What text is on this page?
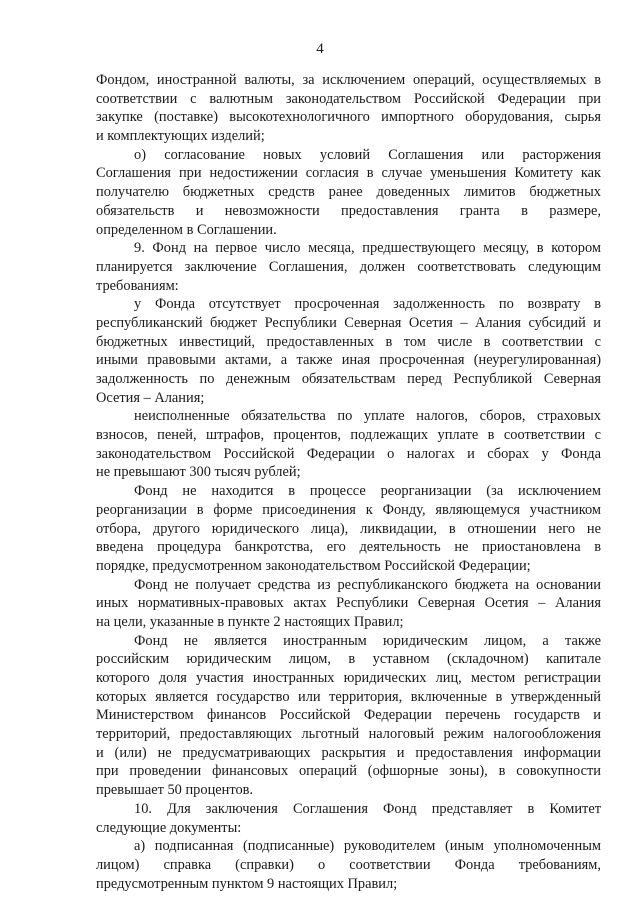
4
Фондом, иностранной валюты, за исключением операций, осуществляемых в
соответствии с валютным законодательством Российской Федерации при
закупке (поставке) высокотехнологичного импортного оборудования, сырья
и комплектующих изделий;
о) согласование новых условий Соглашения или расторжения
Соглашения при недостижении согласия в случае уменьшения Комитету как
получателю бюджетных средств ранее доведенных лимитов бюджетных
обязательств и невозможности предоставления гранта в размере,
определенном в Соглашении.
9. Фонд на первое число месяца, предшествующего месяцу, в котором
планируется заключение Соглашения, должен соответствовать следующим
требованиям:
у Фонда отсутствует просроченная задолженность по возврату в
республиканский бюджет Республики Северная Осетия – Алания субсидий и
бюджетных инвестиций, предоставленных в том числе в соответствии с
иными правовыми актами, а также иная просроченная (неурегулированная)
задолженность по денежным обязательствам перед Республикой Северная
Осетия – Алания;
неисполненные обязательства по уплате налогов, сборов, страховых
взносов, пеней, штрафов, процентов, подлежащих уплате в соответствии с
законодательством Российской Федерации о налогах и сборах у Фонда
не превышают 300 тысяч рублей;
Фонд не находится в процессе реорганизации (за исключением
реорганизации в форме присоединения к Фонду, являющемуся участником
отбора, другого юридического лица), ликвидации, в отношении него не
введена процедура банкротства, его деятельность не приостановлена в
порядке, предусмотренном законодательством Российской Федерации;
Фонд не получает средства из республиканского бюджета на основании
иных нормативных-правовых актах Республики Северная Осетия – Алания
на цели, указанные в пункте 2 настоящих Правил;
Фонд не является иностранным юридическим лицом, а также
российским юридическим лицом, в уставном (складочном) капитале
которого доля участия иностранных юридических лиц, местом регистрации
которых является государство или территория, включенные в утвержденный
Министерством финансов Российской Федерации перечень государств и
территорий, предоставляющих льготный налоговый режим налогообложения
и (или) не предусматривающих раскрытия и предоставления информации
при проведении финансовых операций (офшорные зоны), в совокупности
превышает 50 процентов.
10. Для заключения Соглашения Фонд представляет в Комитет
следующие документы:
а) подписанная (подписанные) руководителем (иным уполномоченным
лицом) справка (справки) о соответствии Фонда требованиям,
предусмотренным пунктом 9 настоящих Правил;
